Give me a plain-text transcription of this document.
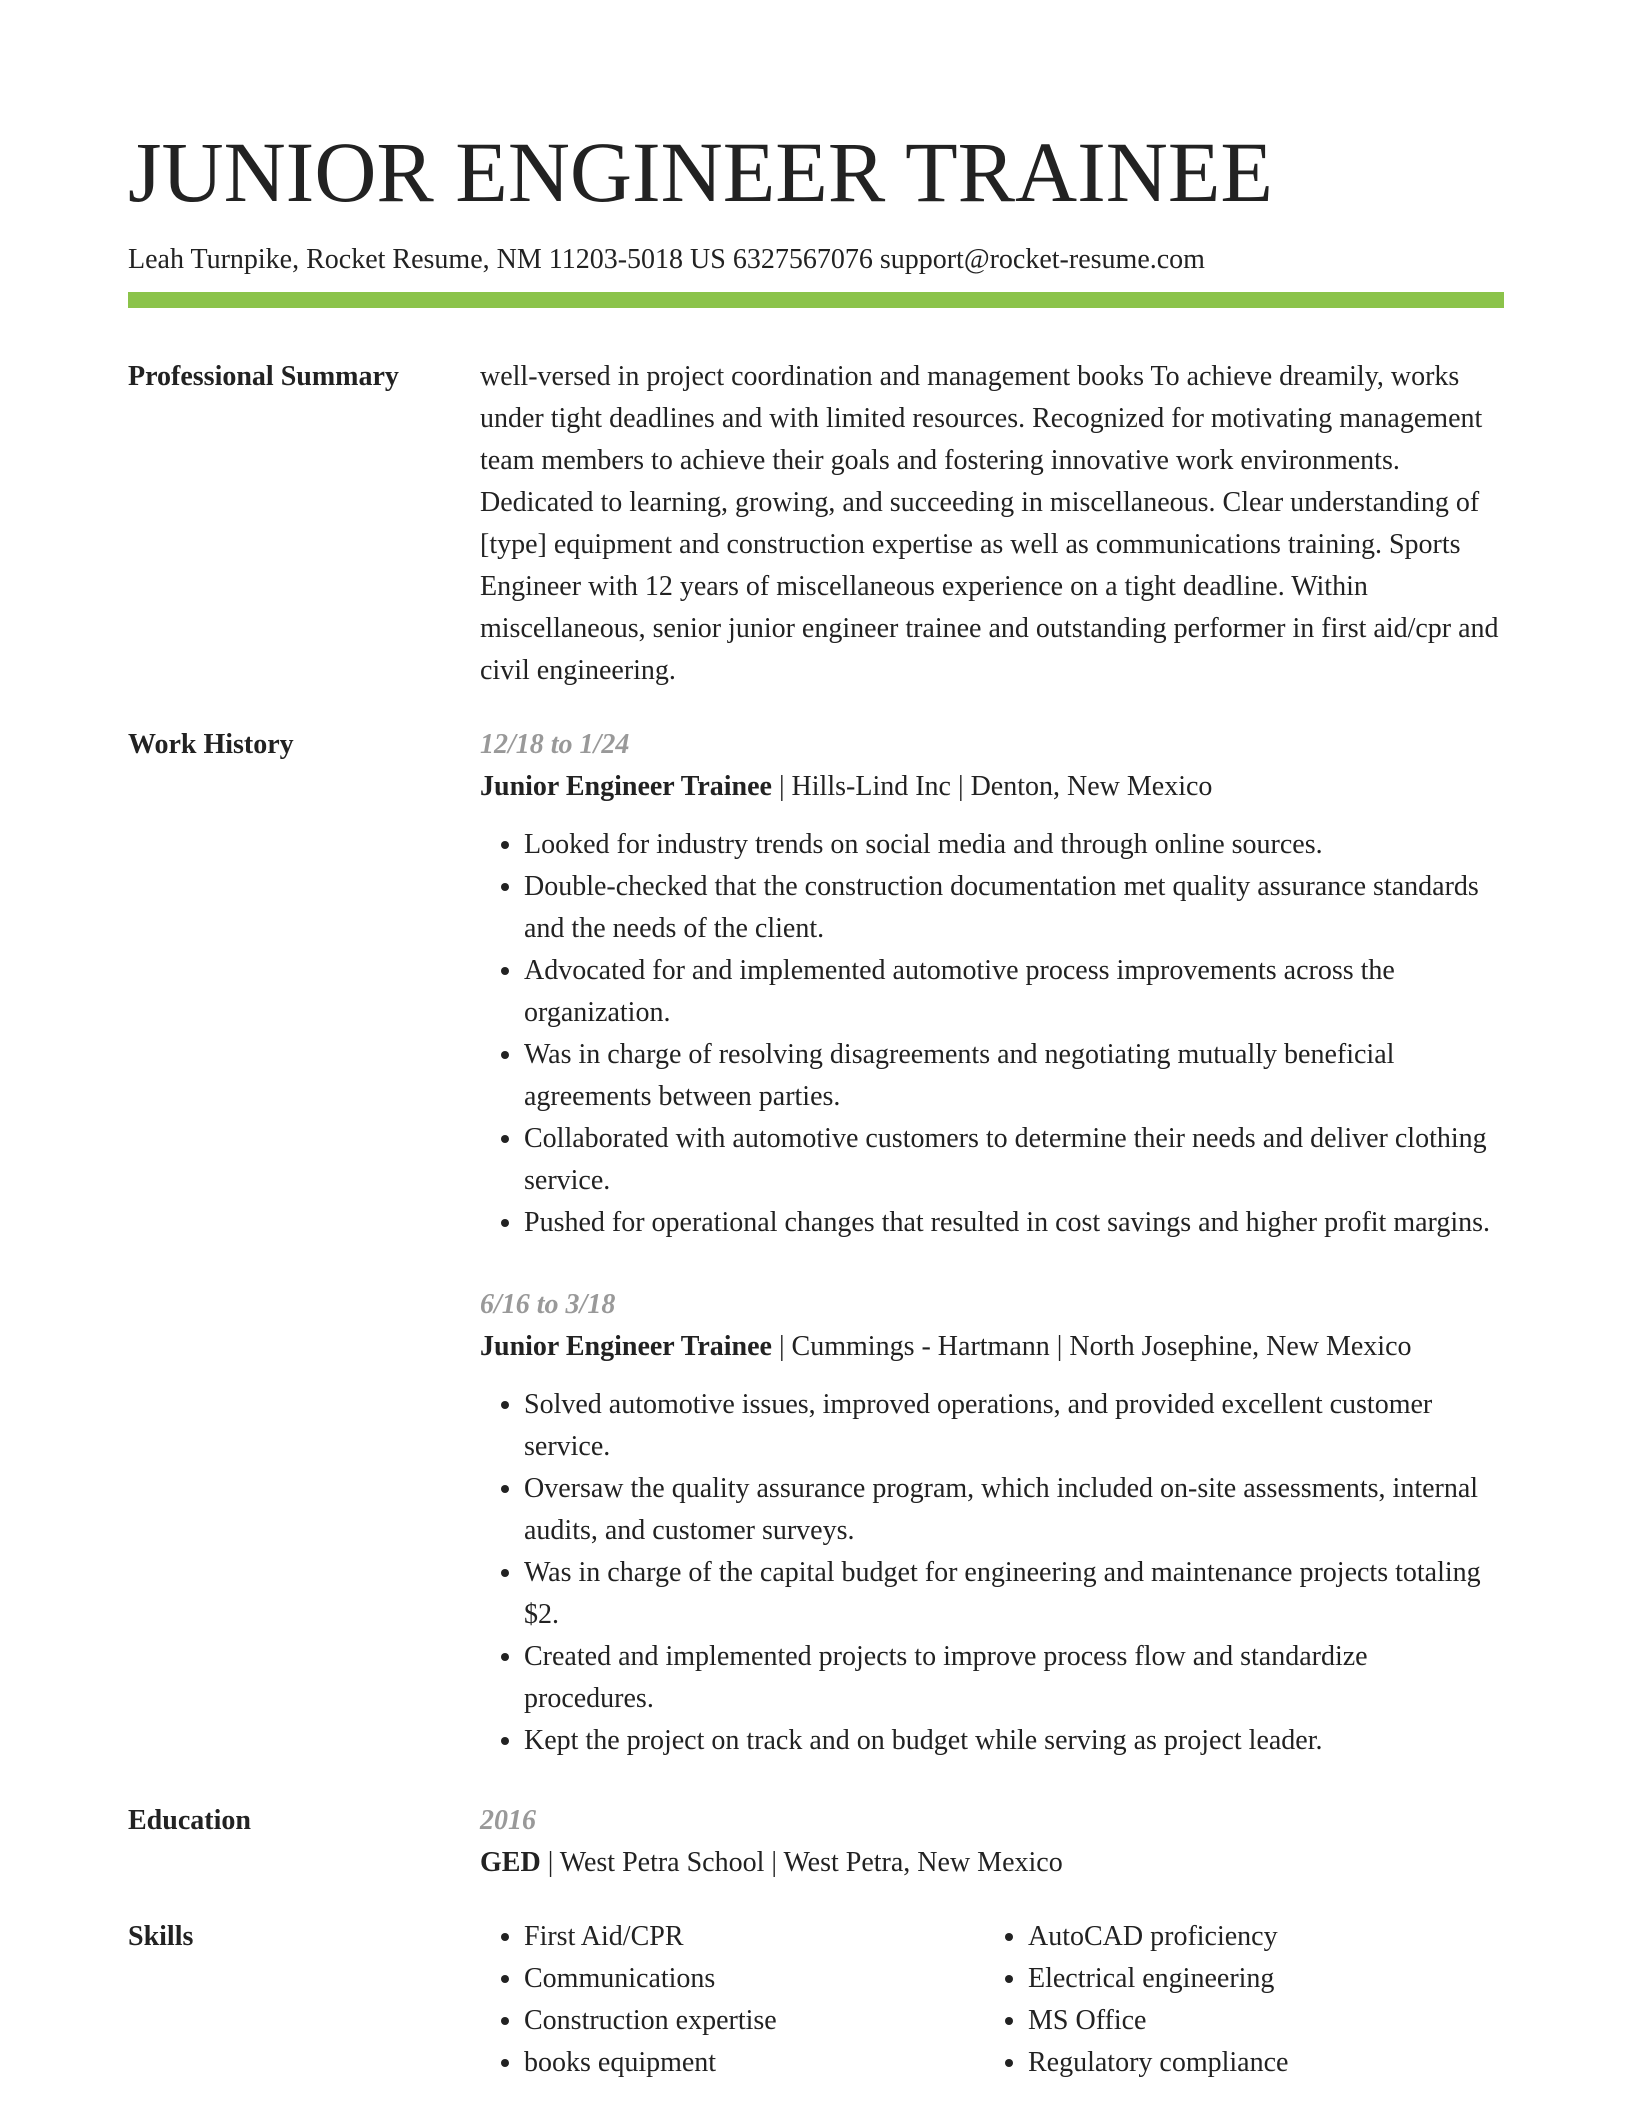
JUNIOR ENGINEER TRAINEE
Leah Turnpike, Rocket Resume, NM 11203-5018 US 6327567076 support@rocket-resume.com
Professional Summary	well-versed in project coordination and management books To achieve dreamily, works under tight deadlines and with limited resources. Recognized for motivating management team members to achieve their goals and fostering innovative work environments. Dedicated to learning, growing, and succeeding in miscellaneous. Clear understanding of [type] equipment and construction expertise as well as communications training. Sports Engineer with 12 years of miscellaneous experience on a tight deadline. Within miscellaneous, senior junior engineer trainee and outstanding performer in first aid/cpr and civil engineering.

Work History	12/18 to 1/24
Junior Engineer Trainee | Hills-Lind Inc | Denton, New Mexico
• Looked for industry trends on social media and through online sources.
• Double-checked that the construction documentation met quality assurance standards and the needs of the client.
• Advocated for and implemented automotive process improvements across the organization.
• Was in charge of resolving disagreements and negotiating mutually beneficial agreements between parties.
• Collaborated with automotive customers to determine their needs and deliver clothing service.
• Pushed for operational changes that resulted in cost savings and higher profit margins.
6/16 to 3/18
Junior Engineer Trainee | Cummings - Hartmann | North Josephine, New Mexico
• Solved automotive issues, improved operations, and provided excellent customer service.
• Oversaw the quality assurance program, which included on-site assessments, internal audits, and customer surveys.
• Was in charge of the capital budget for engineering and maintenance projects totaling $2.
• Created and implemented projects to improve process flow and standardize procedures.
• Kept the project on track and on budget while serving as project leader.
Education	2016
GED | West Petra School | West Petra, New Mexico
Skills
•	First Aid/CPR
• Communications
• Construction expertise
• books equipment
• AutoCAD proficiency
• Electrical engineering
• MS Office
• Regulatory compliance
